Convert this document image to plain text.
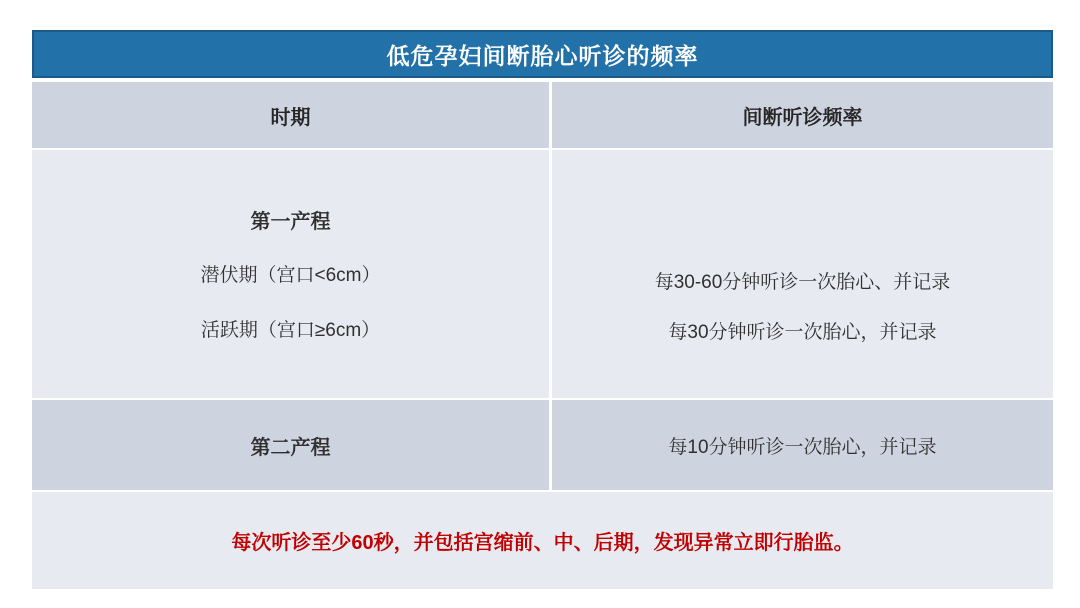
低危孕妇间断胎心听诊的频率
时期	间断听诊频率
第一产程
潜伏期（宫口<6cm）
活跃期（宫口≥6cm）
每30-60分钟听诊一次胎心、并记录
每30分钟听诊一次胎心，并记录
第二产程	每10分钟听诊一次胎心，并记录
每次听诊至少60秒，并包括宫缩前、中、后期，发现异常立即行胎监。
